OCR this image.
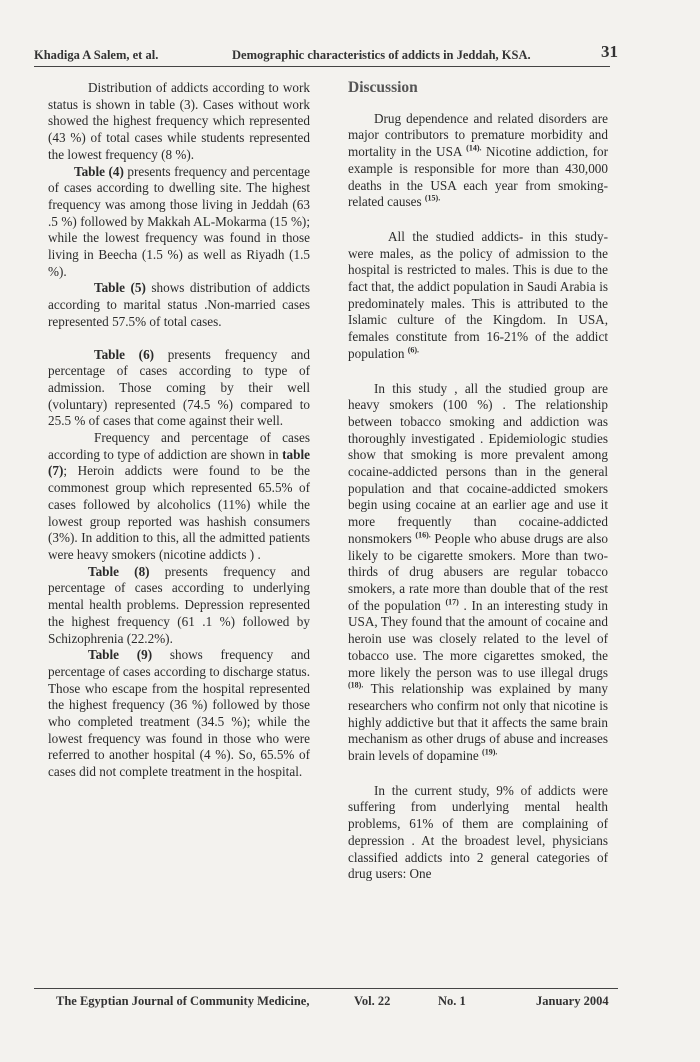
Khadiga A Salem, et al.	Demographic characteristics of addicts in Jeddah, KSA.	31

Distribution of addicts according to work status is shown in table (3). Cases without work showed the highest frequency which represented (43 %) of total cases while students represented the lowest frequency (8 %).

Table (4) presents frequency and percentage of cases according to dwelling site. The highest frequency was among those living in Jeddah (63 .5 %) followed by Makkah AL-Mokarma (15 %); while the lowest frequency was found in those living in Beecha (1.5 %) as well as Riyadh (1.5 %).

Table (5) shows distribution of addicts according to marital status .Non-married cases represented 57.5% of total cases.

Table (6) presents frequency and percentage of cases according to type of admission. Those coming by their well (voluntary) represented (74.5 %) compared to 25.5 % of cases that come against their well.

Frequency and percentage of cases according to type of addiction are shown in table (7); Heroin addicts were found to be the commonest group which represented 65.5% of cases followed by alcoholics (11%) while the lowest group reported was hashish consumers (3%). In addition to this, all the admitted patients were heavy smokers (nicotine addicts ) .

Table (8) presents frequency and percentage of cases according to underlying mental health problems. Depression represented the highest frequency (61 .1 %) followed by Schizophrenia (22.2%).

Table (9) shows frequency and percentage of cases according to discharge status. Those who escape from the hospital represented the highest frequency (36 %) followed by those who completed treatment (34.5 %); while the lowest frequency was found in those who were referred to another hospital (4 %). So, 65.5% of cases did not complete treatment in the hospital.

Discussion

Drug dependence and related disorders are major contributors to premature morbidity and mortality in the USA $^{(14).}$ Nicotine addiction, for example is responsible for more than 430,000 deaths in the USA each year from smoking-related causes $^{(15).}$

All the studied addicts- in this study- were males, as the policy of admission to the hospital is restricted to males. This is due to the fact that, the addict population in Saudi Arabia is predominately males. This is attributed to the Islamic culture of the Kingdom. In USA, females constitute from 16-21% of the addict population $^{(6).}$

In this study , all the studied group are heavy smokers (100 %) . The relationship between tobacco smoking and addiction was thoroughly investigated . Epidemiologic studies show that smoking is more prevalent among cocaine-addicted persons than in the general population and that cocaine-addicted smokers begin using cocaine at an earlier age and use it more frequently than cocaine-addicted nonsmokers $^{(16).}$ People who abuse drugs are also likely to be cigarette smokers. More than two-thirds of drug abusers are regular tobacco smokers, a rate more than double that of the rest of the population $^{(17)}$ . In an interesting study in USA, They found that the amount of cocaine and heroin use was closely related to the level of tobacco use. The more cigarettes smoked, the more likely the person was to use illegal drugs $^{(18).}$ This relationship was explained by many researchers who confirm not only that nicotine is highly addictive but that it affects the same brain mechanism as other drugs of abuse and increases brain levels of dopamine $^{(19).}$

In the current study, 9% of addicts were suffering from underlying mental health problems, 61% of them are complaining of depression . At the broadest level, physicians classified addicts into 2 general categories of drug users: One

The Egyptian Journal of Community Medicine,	Vol. 22	No. 1	January 2004
